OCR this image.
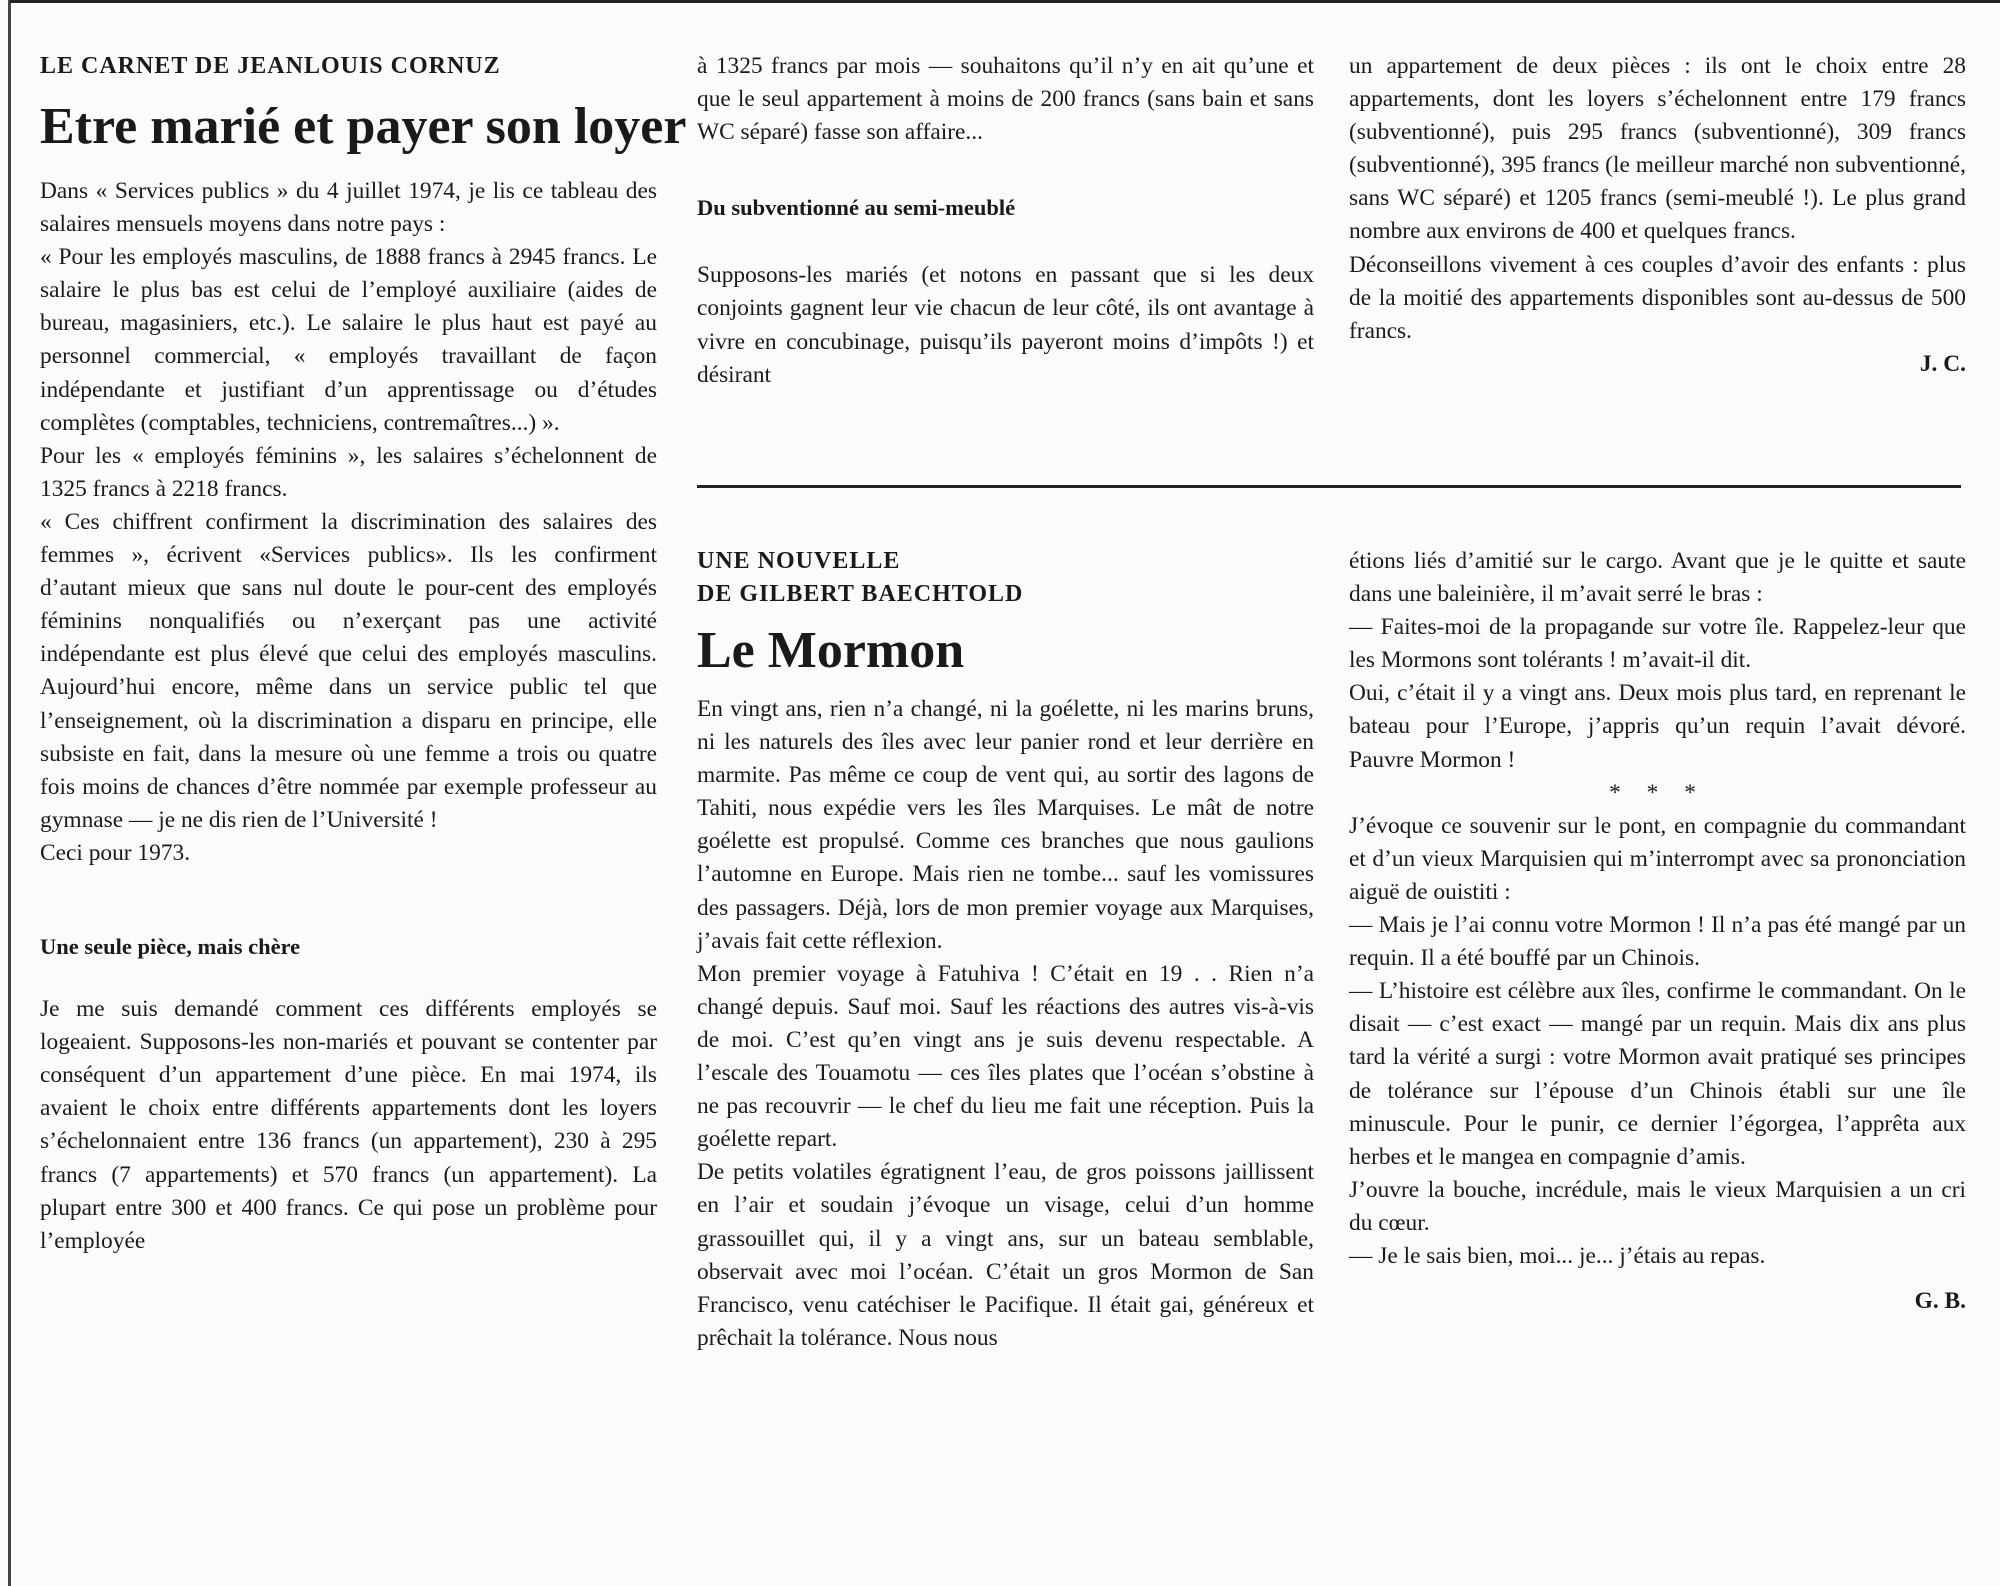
LE CARNET DE JEANLOUIS CORNUZ

Etre marié et payer son loyer

Dans « Services publics » du 4 juillet 1974, je lis ce tableau des salaires mensuels moyens dans notre pays :

« Pour les employés masculins, de 1888 francs à 2945 francs. Le salaire le plus bas est celui de l’employé auxiliaire (aides de bureau, magasiniers, etc.). Le salaire le plus haut est payé au personnel commercial, « employés travaillant de façon indépendante et justifiant d’un apprentissage ou d’études complètes (comptables, techniciens, contremaîtres...) ».

Pour les « employés féminins », les salaires s’échelonnent de 1325 francs à 2218 francs.

« Ces chiffrent confirment la discrimination des salaires des femmes », écrivent «Services publics». Ils les confirment d’autant mieux que sans nul doute le pour-cent des employés féminins nonqualifiés ou n’exerçant pas une activité indépendante est plus élevé que celui des employés masculins. Aujourd’hui encore, même dans un service public tel que l’enseignement, où la discrimination a disparu en principe, elle subsiste en fait, dans la mesure où une femme a trois ou quatre fois moins de chances d’être nommée par exemple professeur au gymnase — je ne dis rien de l’Université !

Ceci pour 1973.

Une seule pièce, mais chère

Je me suis demandé comment ces différents employés se logeaient. Supposons-les non-mariés et pouvant se contenter par conséquent d’un appartement d’une pièce. En mai 1974, ils avaient le choix entre différents appartements dont les loyers s’échelonnaient entre 136 francs (un appartement), 230 à 295 francs (7 appartements) et 570 francs (un appartement). La plupart entre 300 et 400 francs. Ce qui pose un problème pour l’employée

à 1325 francs par mois — souhaitons qu’il n’y en ait qu’une et que le seul appartement à moins de 200 francs (sans bain et sans WC séparé) fasse son affaire...

Du subventionné au semi-meublé

Supposons-les mariés (et notons en passant que si les deux conjoints gagnent leur vie chacun de leur côté, ils ont avantage à vivre en concubinage, puisqu’ils payeront moins d’impôts !) et désirant

un appartement de deux pièces : ils ont le choix entre 28 appartements, dont les loyers s’échelonnent entre 179 francs (subventionné), puis 295 francs (subventionné), 309 francs (subventionné), 395 francs (le meilleur marché non subventionné, sans WC séparé) et 1205 francs (semi-meublé !). Le plus grand nombre aux environs de 400 et quelques francs.

Déconseillons vivement à ces couples d’avoir des enfants : plus de la moitié des appartements disponibles sont au-dessus de 500 francs.

J. C.

UNE NOUVELLE

DE GILBERT BAECHTOLD

Le Mormon

En vingt ans, rien n’a changé, ni la goélette, ni les marins bruns, ni les naturels des îles avec leur panier rond et leur derrière en marmite. Pas même ce coup de vent qui, au sortir des lagons de Tahiti, nous expédie vers les îles Marquises. Le mât de notre goélette est propulsé. Comme ces branches que nous gaulions l’automne en Europe. Mais rien ne tombe... sauf les vomissures des passagers. Déjà, lors de mon premier voyage aux Marquises, j’avais fait cette réflexion.

Mon premier voyage à Fatuhiva ! C’était en 19 . . Rien n’a changé depuis. Sauf moi. Sauf les réactions des autres vis-à-vis de moi. C’est qu’en vingt ans je suis devenu respectable. A l’escale des Touamotu — ces îles plates que l’océan s’obstine à ne pas recouvrir — le chef du lieu me fait une réception. Puis la goélette repart.

De petits volatiles égratignent l’eau, de gros poissons jaillissent en l’air et soudain j’évoque un visage, celui d’un homme grassouillet qui, il y a vingt ans, sur un bateau semblable, observait avec moi l’océan. C’était un gros Mormon de San Francisco, venu catéchiser le Pacifique. Il était gai, généreux et prêchait la tolérance. Nous nous

étions liés d’amitié sur le cargo. Avant que je le quitte et saute dans une baleinière, il m’avait serré le bras :

— Faites-moi de la propagande sur votre île. Rappelez-leur que les Mormons sont tolérants ! m’avait-il dit.

Oui, c’était il y a vingt ans. Deux mois plus tard, en reprenant le bateau pour l’Europe, j’appris qu’un requin l’avait dévoré. Pauvre Mormon !

* * *

J’évoque ce souvenir sur le pont, en compagnie du commandant et d’un vieux Marquisien qui m’interrompt avec sa prononciation aiguë de ouistiti :

— Mais je l’ai connu votre Mormon ! Il n’a pas été mangé par un requin. Il a été bouffé par un Chinois.

— L’histoire est célèbre aux îles, confirme le commandant. On le disait — c’est exact — mangé par un requin. Mais dix ans plus tard la vérité a surgi : votre Mormon avait pratiqué ses principes de tolérance sur l’épouse d’un Chinois établi sur une île minuscule. Pour le punir, ce dernier l’égorgea, l’apprêta aux herbes et le mangea en compagnie d’amis.

J’ouvre la bouche, incrédule, mais le vieux Marquisien a un cri du cœur.

— Je le sais bien, moi... je... j’étais au repas.

G. B.
